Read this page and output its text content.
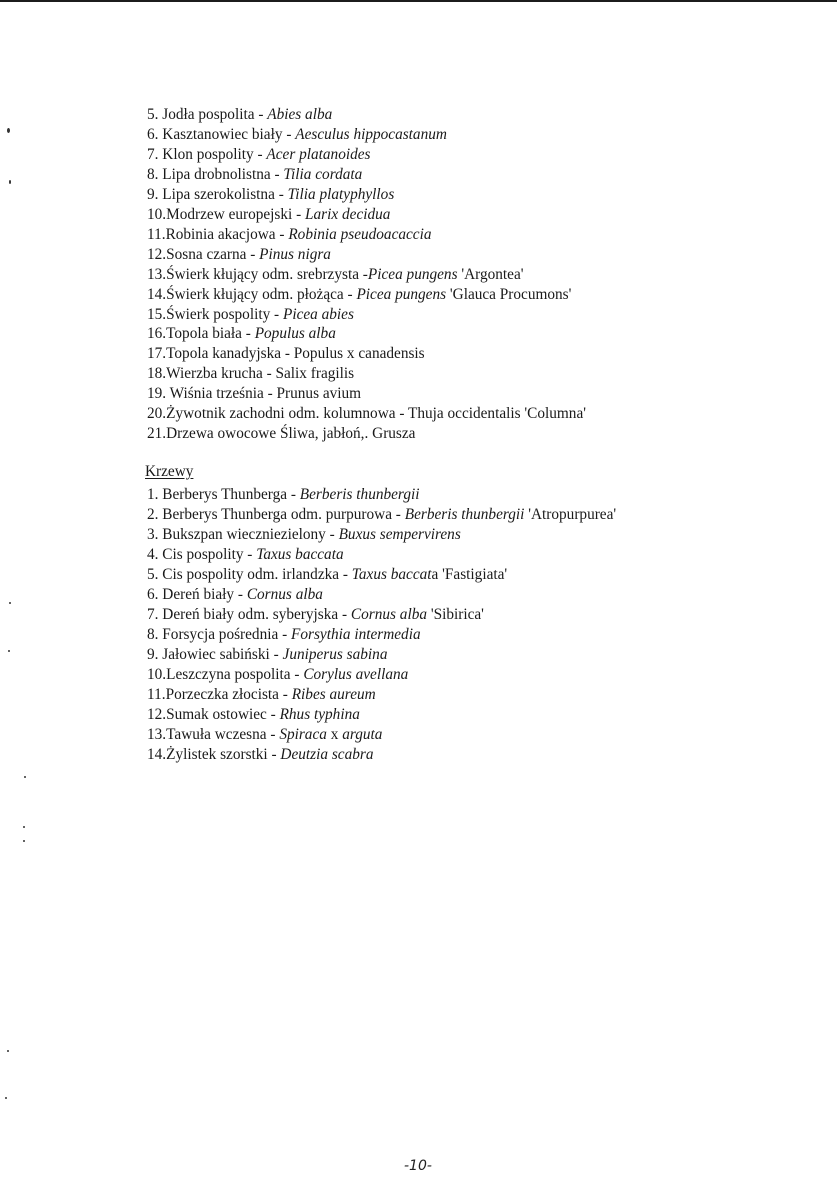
5. Jodła pospolita - Abies alba
6. Kasztanowiec biały - Aesculus hippocastanum
7. Klon pospolity - Acer platanoides
8. Lipa drobnolistna - Tilia cordata
9. Lipa szerokolistna - Tilia platyphyllos
10.Modrzew europejski - Larix decidua
11.Robinia akacjowa - Robinia pseudoacaccia
12.Sosna czarna - Pinus nigra
13.Świerk kłujący odm. srebrzysta -Picea pungens 'Argontea'
14.Świerk kłujący odm. płożąca - Picea pungens 'Glauca Procumons'
15.Świerk pospolity - Picea abies
16.Topola biała - Populus alba
17.Topola kanadyjska - Populus x canadensis
18.Wierzba krucha - Salix fragilis
19. Wiśnia trześnia - Prunus avium
20.Żywotnik zachodni odm. kolumnowa - Thuja occidentalis 'Columna'
21.Drzewa owocowe Śliwa, jabłoń,. Grusza
Krzewy
1. Berberys Thunberga - Berberis thunbergii
2. Berberys Thunberga odm. purpurowa - Berberis thunbergii 'Atropurpurea'
3. Bukszpan wieczniezielony - Buxus sempervirens
4. Cis pospolity - Taxus baccata
5. Cis pospolity odm. irlandzka - Taxus baccata 'Fastigiata'
6. Dereń biały - Cornus alba
7. Dereń biały odm. syberyjska - Cornus alba 'Sibirica'
8. Forsycja pośrednia - Forsythia intermedia
9. Jałowiec sabiński - Juniperus sabina
10.Leszczyna pospolita - Corylus avellana
11.Porzeczka złocista - Ribes aureum
12.Sumak ostowiec - Rhus typhina
13.Tawuła wczesna - Spiraca x arguta
14.Żylistek szorstki - Deutzia scabra
-10-
